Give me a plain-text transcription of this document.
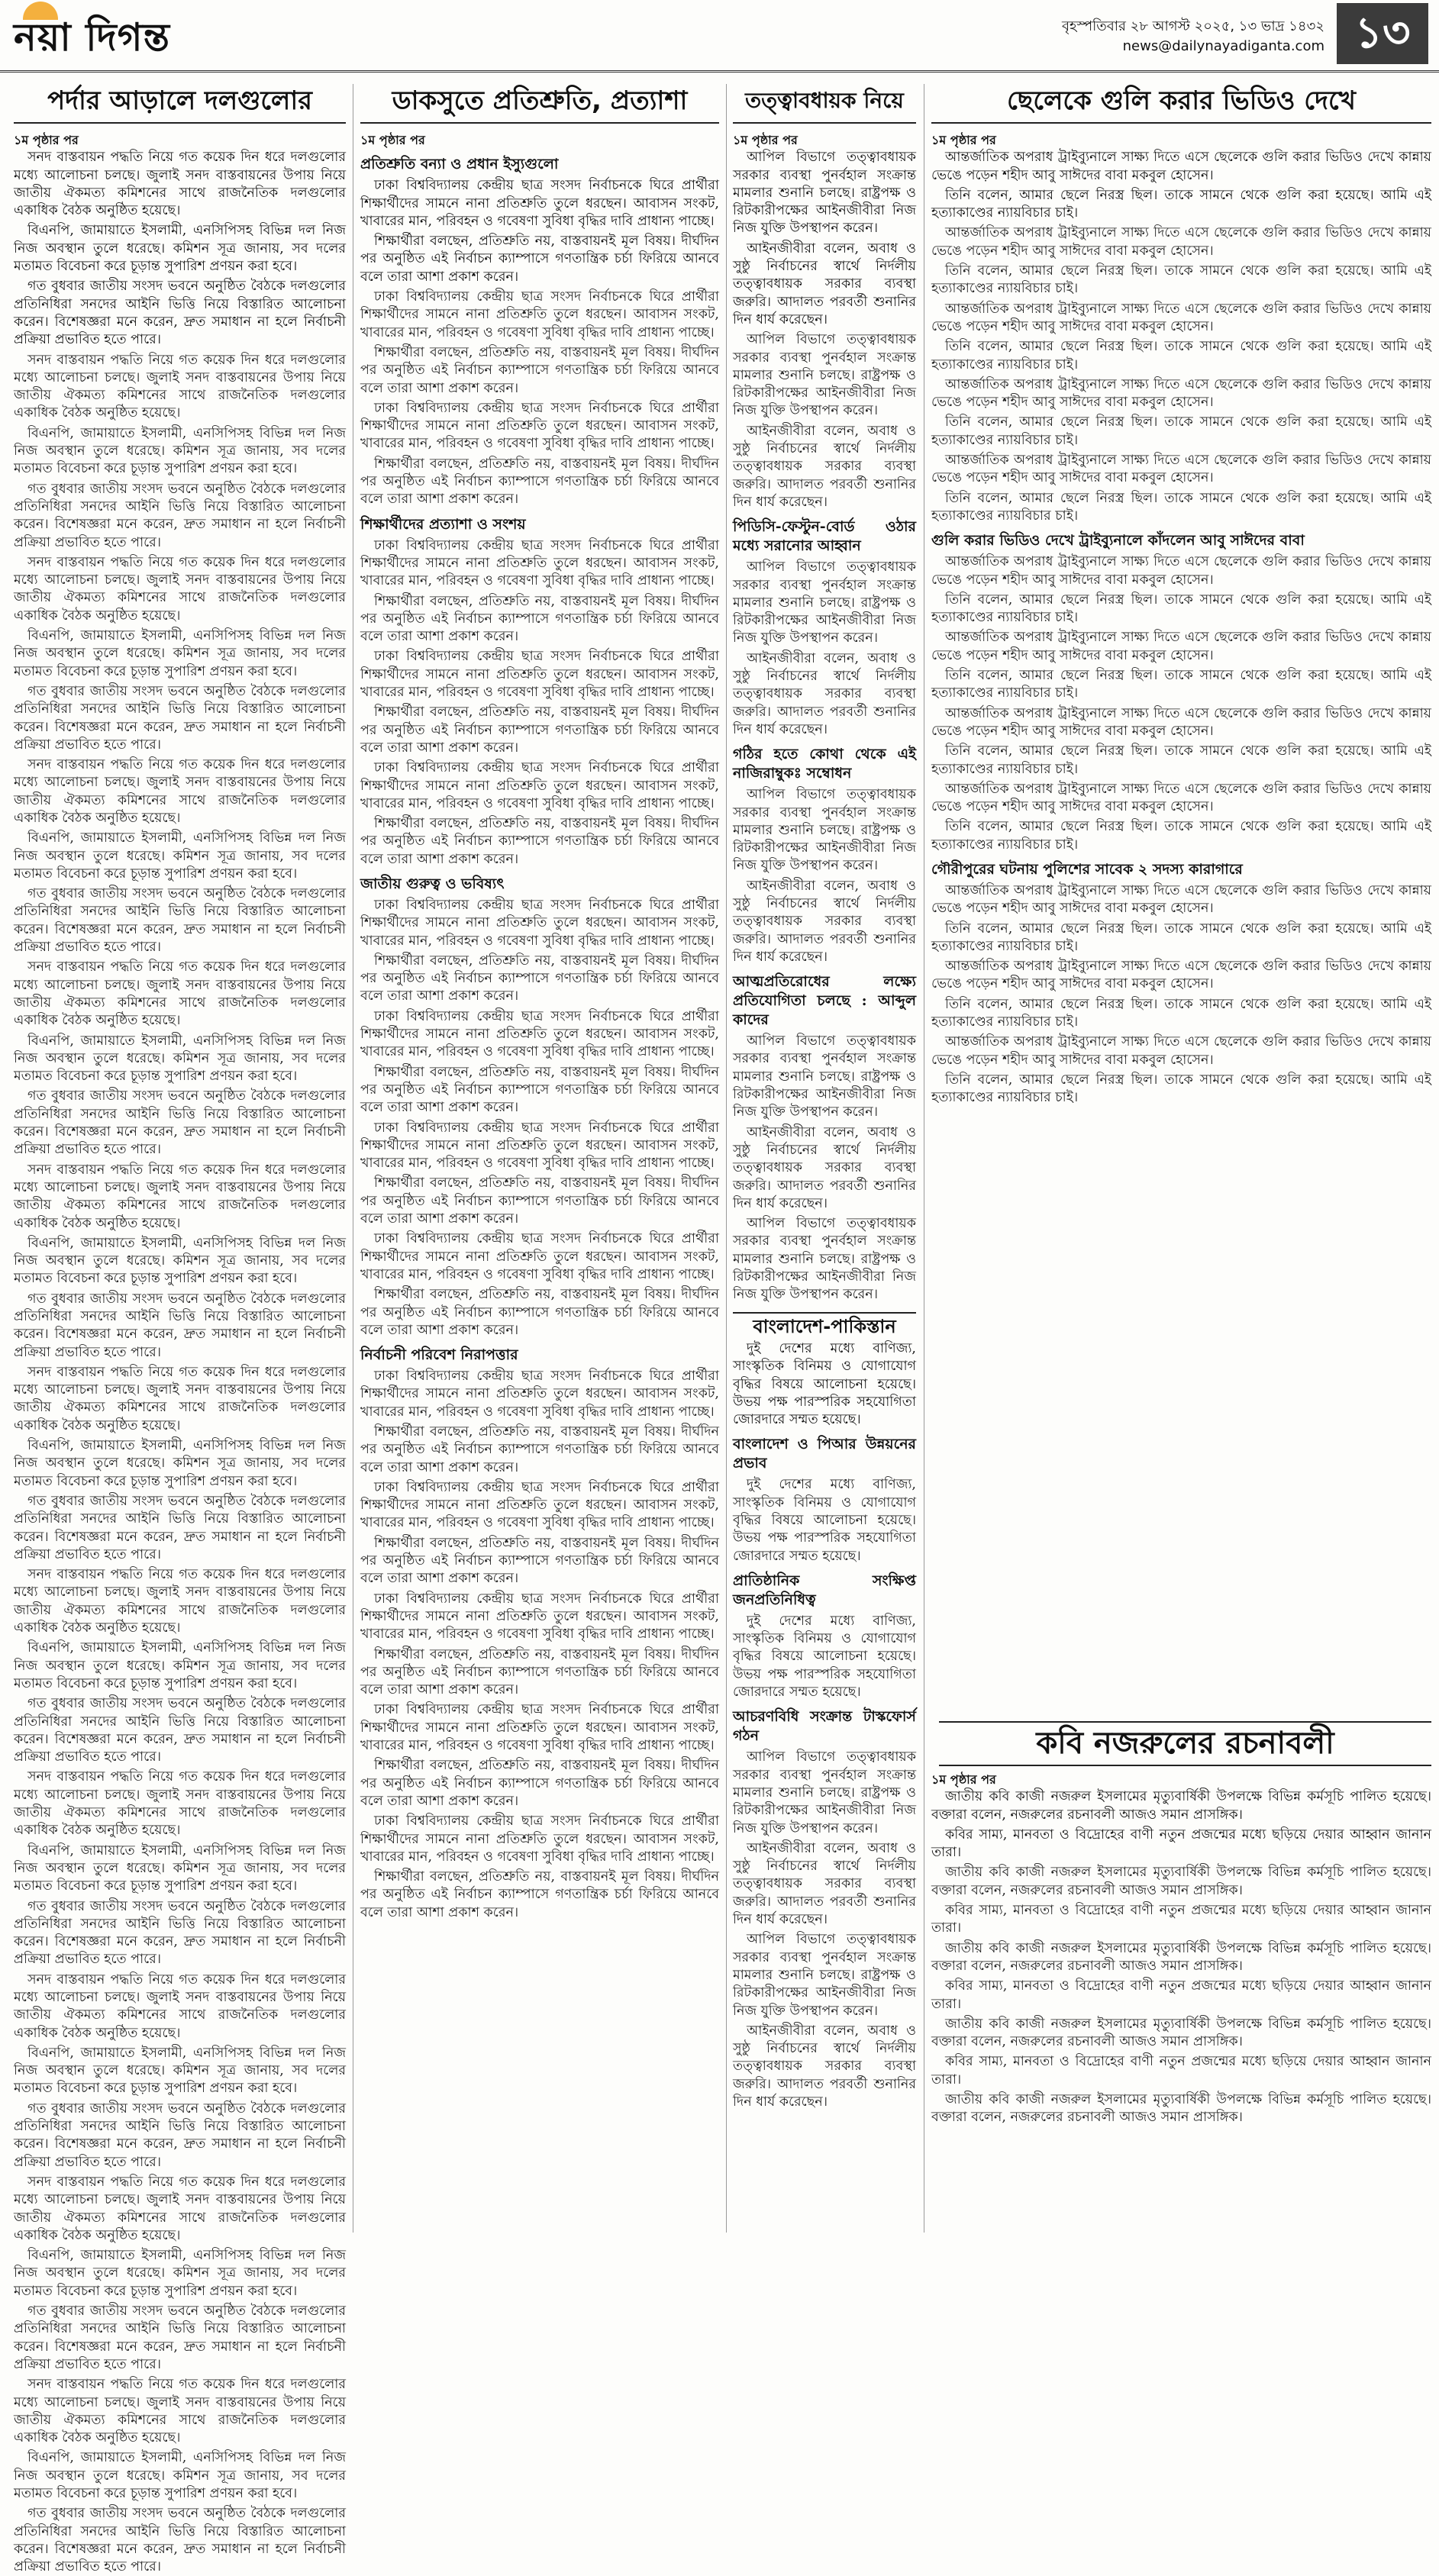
নয়া দিগন্ত	বৃহস্পতিবার ২৮ আগস্ট ২০২৫, ১৩ ভাদ্র ১৪৩২
news@dailynayadiganta.com ১৩
পর্দার আড়ালে দলগুলোর
১ম পৃষ্ঠার পর

সনদ বাস্তবায়ন পদ্ধতি নিয়ে গত কয়েক দিন ধরে দলগুলোর মধ্যে আলোচনা চলছে। জুলাই সনদ বাস্তবায়নের উপায় নিয়ে জাতীয় ঐকমত্য কমিশনের সাথে রাজনৈতিক দলগুলোর একাধিক বৈঠক অনুষ্ঠিত হয়েছে।

বিএনপি, জামায়াতে ইসলামী, এনসিপিসহ বিভিন্ন দল নিজ নিজ অবস্থান তুলে ধরেছে। কমিশন সূত্র জানায়, সব দলের মতামত বিবেচনা করে চূড়ান্ত সুপারিশ প্রণয়ন করা হবে।

গত বুধবার জাতীয় সংসদ ভবনে অনুষ্ঠিত বৈঠকে দলগুলোর প্রতিনিধিরা সনদের আইনি ভিত্তি নিয়ে বিস্তারিত আলোচনা করেন। বিশেষজ্ঞরা মনে করেন, দ্রুত সমাধান না হলে নির্বাচনী প্রক্রিয়া প্রভাবিত হতে পারে।

সনদ বাস্তবায়ন পদ্ধতি নিয়ে গত কয়েক দিন ধরে দলগুলোর মধ্যে আলোচনা চলছে। জুলাই সনদ বাস্তবায়নের উপায় নিয়ে জাতীয় ঐকমত্য কমিশনের সাথে রাজনৈতিক দলগুলোর একাধিক বৈঠক অনুষ্ঠিত হয়েছে।

বিএনপি, জামায়াতে ইসলামী, এনসিপিসহ বিভিন্ন দল নিজ নিজ অবস্থান তুলে ধরেছে। কমিশন সূত্র জানায়, সব দলের মতামত বিবেচনা করে চূড়ান্ত সুপারিশ প্রণয়ন করা হবে।

গত বুধবার জাতীয় সংসদ ভবনে অনুষ্ঠিত বৈঠকে দলগুলোর প্রতিনিধিরা সনদের আইনি ভিত্তি নিয়ে বিস্তারিত আলোচনা করেন। বিশেষজ্ঞরা মনে করেন, দ্রুত সমাধান না হলে নির্বাচনী প্রক্রিয়া প্রভাবিত হতে পারে।

সনদ বাস্তবায়ন পদ্ধতি নিয়ে গত কয়েক দিন ধরে দলগুলোর মধ্যে আলোচনা চলছে। জুলাই সনদ বাস্তবায়নের উপায় নিয়ে জাতীয় ঐকমত্য কমিশনের সাথে রাজনৈতিক দলগুলোর একাধিক বৈঠক অনুষ্ঠিত হয়েছে।

বিএনপি, জামায়াতে ইসলামী, এনসিপিসহ বিভিন্ন দল নিজ নিজ অবস্থান তুলে ধরেছে। কমিশন সূত্র জানায়, সব দলের মতামত বিবেচনা করে চূড়ান্ত সুপারিশ প্রণয়ন করা হবে।

গত বুধবার জাতীয় সংসদ ভবনে অনুষ্ঠিত বৈঠকে দলগুলোর প্রতিনিধিরা সনদের আইনি ভিত্তি নিয়ে বিস্তারিত আলোচনা করেন। বিশেষজ্ঞরা মনে করেন, দ্রুত সমাধান না হলে নির্বাচনী প্রক্রিয়া প্রভাবিত হতে পারে।

সনদ বাস্তবায়ন পদ্ধতি নিয়ে গত কয়েক দিন ধরে দলগুলোর মধ্যে আলোচনা চলছে। জুলাই সনদ বাস্তবায়নের উপায় নিয়ে জাতীয় ঐকমত্য কমিশনের সাথে রাজনৈতিক দলগুলোর একাধিক বৈঠক অনুষ্ঠিত হয়েছে।

বিএনপি, জামায়াতে ইসলামী, এনসিপিসহ বিভিন্ন দল নিজ নিজ অবস্থান তুলে ধরেছে। কমিশন সূত্র জানায়, সব দলের মতামত বিবেচনা করে চূড়ান্ত সুপারিশ প্রণয়ন করা হবে।

গত বুধবার জাতীয় সংসদ ভবনে অনুষ্ঠিত বৈঠকে দলগুলোর প্রতিনিধিরা সনদের আইনি ভিত্তি নিয়ে বিস্তারিত আলোচনা করেন। বিশেষজ্ঞরা মনে করেন, দ্রুত সমাধান না হলে নির্বাচনী প্রক্রিয়া প্রভাবিত হতে পারে।

সনদ বাস্তবায়ন পদ্ধতি নিয়ে গত কয়েক দিন ধরে দলগুলোর মধ্যে আলোচনা চলছে। জুলাই সনদ বাস্তবায়নের উপায় নিয়ে জাতীয় ঐকমত্য কমিশনের সাথে রাজনৈতিক দলগুলোর একাধিক বৈঠক অনুষ্ঠিত হয়েছে।

বিএনপি, জামায়াতে ইসলামী, এনসিপিসহ বিভিন্ন দল নিজ নিজ অবস্থান তুলে ধরেছে। কমিশন সূত্র জানায়, সব দলের মতামত বিবেচনা করে চূড়ান্ত সুপারিশ প্রণয়ন করা হবে।

গত বুধবার জাতীয় সংসদ ভবনে অনুষ্ঠিত বৈঠকে দলগুলোর প্রতিনিধিরা সনদের আইনি ভিত্তি নিয়ে বিস্তারিত আলোচনা করেন। বিশেষজ্ঞরা মনে করেন, দ্রুত সমাধান না হলে নির্বাচনী প্রক্রিয়া প্রভাবিত হতে পারে।

সনদ বাস্তবায়ন পদ্ধতি নিয়ে গত কয়েক দিন ধরে দলগুলোর মধ্যে আলোচনা চলছে। জুলাই সনদ বাস্তবায়নের উপায় নিয়ে জাতীয় ঐকমত্য কমিশনের সাথে রাজনৈতিক দলগুলোর একাধিক বৈঠক অনুষ্ঠিত হয়েছে।

বিএনপি, জামায়াতে ইসলামী, এনসিপিসহ বিভিন্ন দল নিজ নিজ অবস্থান তুলে ধরেছে। কমিশন সূত্র জানায়, সব দলের মতামত বিবেচনা করে চূড়ান্ত সুপারিশ প্রণয়ন করা হবে।

গত বুধবার জাতীয় সংসদ ভবনে অনুষ্ঠিত বৈঠকে দলগুলোর প্রতিনিধিরা সনদের আইনি ভিত্তি নিয়ে বিস্তারিত আলোচনা করেন। বিশেষজ্ঞরা মনে করেন, দ্রুত সমাধান না হলে নির্বাচনী প্রক্রিয়া প্রভাবিত হতে পারে।

সনদ বাস্তবায়ন পদ্ধতি নিয়ে গত কয়েক দিন ধরে দলগুলোর মধ্যে আলোচনা চলছে। জুলাই সনদ বাস্তবায়নের উপায় নিয়ে জাতীয় ঐকমত্য কমিশনের সাথে রাজনৈতিক দলগুলোর একাধিক বৈঠক অনুষ্ঠিত হয়েছে।

বিএনপি, জামায়াতে ইসলামী, এনসিপিসহ বিভিন্ন দল নিজ নিজ অবস্থান তুলে ধরেছে। কমিশন সূত্র জানায়, সব দলের মতামত বিবেচনা করে চূড়ান্ত সুপারিশ প্রণয়ন করা হবে।

গত বুধবার জাতীয় সংসদ ভবনে অনুষ্ঠিত বৈঠকে দলগুলোর প্রতিনিধিরা সনদের আইনি ভিত্তি নিয়ে বিস্তারিত আলোচনা করেন। বিশেষজ্ঞরা মনে করেন, দ্রুত সমাধান না হলে নির্বাচনী প্রক্রিয়া প্রভাবিত হতে পারে।

সনদ বাস্তবায়ন পদ্ধতি নিয়ে গত কয়েক দিন ধরে দলগুলোর মধ্যে আলোচনা চলছে। জুলাই সনদ বাস্তবায়নের উপায় নিয়ে জাতীয় ঐকমত্য কমিশনের সাথে রাজনৈতিক দলগুলোর একাধিক বৈঠক অনুষ্ঠিত হয়েছে।

বিএনপি, জামায়াতে ইসলামী, এনসিপিসহ বিভিন্ন দল নিজ নিজ অবস্থান তুলে ধরেছে। কমিশন সূত্র জানায়, সব দলের মতামত বিবেচনা করে চূড়ান্ত সুপারিশ প্রণয়ন করা হবে।

গত বুধবার জাতীয় সংসদ ভবনে অনুষ্ঠিত বৈঠকে দলগুলোর প্রতিনিধিরা সনদের আইনি ভিত্তি নিয়ে বিস্তারিত আলোচনা করেন। বিশেষজ্ঞরা মনে করেন, দ্রুত সমাধান না হলে নির্বাচনী প্রক্রিয়া প্রভাবিত হতে পারে।

সনদ বাস্তবায়ন পদ্ধতি নিয়ে গত কয়েক দিন ধরে দলগুলোর মধ্যে আলোচনা চলছে। জুলাই সনদ বাস্তবায়নের উপায় নিয়ে জাতীয় ঐকমত্য কমিশনের সাথে রাজনৈতিক দলগুলোর একাধিক বৈঠক অনুষ্ঠিত হয়েছে।

বিএনপি, জামায়াতে ইসলামী, এনসিপিসহ বিভিন্ন দল নিজ নিজ অবস্থান তুলে ধরেছে। কমিশন সূত্র জানায়, সব দলের মতামত বিবেচনা করে চূড়ান্ত সুপারিশ প্রণয়ন করা হবে।

গত বুধবার জাতীয় সংসদ ভবনে অনুষ্ঠিত বৈঠকে দলগুলোর প্রতিনিধিরা সনদের আইনি ভিত্তি নিয়ে বিস্তারিত আলোচনা করেন। বিশেষজ্ঞরা মনে করেন, দ্রুত সমাধান না হলে নির্বাচনী প্রক্রিয়া প্রভাবিত হতে পারে।

সনদ বাস্তবায়ন পদ্ধতি নিয়ে গত কয়েক দিন ধরে দলগুলোর মধ্যে আলোচনা চলছে। জুলাই সনদ বাস্তবায়নের উপায় নিয়ে জাতীয় ঐকমত্য কমিশনের সাথে রাজনৈতিক দলগুলোর একাধিক বৈঠক অনুষ্ঠিত হয়েছে।

বিএনপি, জামায়াতে ইসলামী, এনসিপিসহ বিভিন্ন দল নিজ নিজ অবস্থান তুলে ধরেছে। কমিশন সূত্র জানায়, সব দলের মতামত বিবেচনা করে চূড়ান্ত সুপারিশ প্রণয়ন করা হবে।

গত বুধবার জাতীয় সংসদ ভবনে অনুষ্ঠিত বৈঠকে দলগুলোর প্রতিনিধিরা সনদের আইনি ভিত্তি নিয়ে বিস্তারিত আলোচনা করেন। বিশেষজ্ঞরা মনে করেন, দ্রুত সমাধান না হলে নির্বাচনী প্রক্রিয়া প্রভাবিত হতে পারে।

সনদ বাস্তবায়ন পদ্ধতি নিয়ে গত কয়েক দিন ধরে দলগুলোর মধ্যে আলোচনা চলছে। জুলাই সনদ বাস্তবায়নের উপায় নিয়ে জাতীয় ঐকমত্য কমিশনের সাথে রাজনৈতিক দলগুলোর একাধিক বৈঠক অনুষ্ঠিত হয়েছে।

বিএনপি, জামায়াতে ইসলামী, এনসিপিসহ বিভিন্ন দল নিজ নিজ অবস্থান তুলে ধরেছে। কমিশন সূত্র জানায়, সব দলের মতামত বিবেচনা করে চূড়ান্ত সুপারিশ প্রণয়ন করা হবে।

গত বুধবার জাতীয় সংসদ ভবনে অনুষ্ঠিত বৈঠকে দলগুলোর প্রতিনিধিরা সনদের আইনি ভিত্তি নিয়ে বিস্তারিত আলোচনা করেন। বিশেষজ্ঞরা মনে করেন, দ্রুত সমাধান না হলে নির্বাচনী প্রক্রিয়া প্রভাবিত হতে পারে।

সনদ বাস্তবায়ন পদ্ধতি নিয়ে গত কয়েক দিন ধরে দলগুলোর মধ্যে আলোচনা চলছে। জুলাই সনদ বাস্তবায়নের উপায় নিয়ে জাতীয় ঐকমত্য কমিশনের সাথে রাজনৈতিক দলগুলোর একাধিক বৈঠক অনুষ্ঠিত হয়েছে।

বিএনপি, জামায়াতে ইসলামী, এনসিপিসহ বিভিন্ন দল নিজ নিজ অবস্থান তুলে ধরেছে। কমিশন সূত্র জানায়, সব দলের মতামত বিবেচনা করে চূড়ান্ত সুপারিশ প্রণয়ন করা হবে।

গত বুধবার জাতীয় সংসদ ভবনে অনুষ্ঠিত বৈঠকে দলগুলোর প্রতিনিধিরা সনদের আইনি ভিত্তি নিয়ে বিস্তারিত আলোচনা করেন। বিশেষজ্ঞরা মনে করেন, দ্রুত সমাধান না হলে নির্বাচনী প্রক্রিয়া প্রভাবিত হতে পারে।

ডাকসুতে প্রতিশ্রুতি, প্রত্যাশা
১ম পৃষ্ঠার পর
প্রতিশ্রুতি বন্যা ও প্রধান ইস্যুগুলো

ঢাকা বিশ্ববিদ্যালয় কেন্দ্রীয় ছাত্র সংসদ নির্বাচনকে ঘিরে প্রার্থীরা শিক্ষার্থীদের সামনে নানা প্রতিশ্রুতি তুলে ধরছেন। আবাসন সংকট, খাবারের মান, পরিবহন ও গবেষণা সুবিধা বৃদ্ধির দাবি প্রাধান্য পাচ্ছে।

শিক্ষার্থীরা বলছেন, প্রতিশ্রুতি নয়, বাস্তবায়নই মূল বিষয়। দীর্ঘদিন পর অনুষ্ঠিত এই নির্বাচন ক্যাম্পাসে গণতান্ত্রিক চর্চা ফিরিয়ে আনবে বলে তারা আশা প্রকাশ করেন।

ঢাকা বিশ্ববিদ্যালয় কেন্দ্রীয় ছাত্র সংসদ নির্বাচনকে ঘিরে প্রার্থীরা শিক্ষার্থীদের সামনে নানা প্রতিশ্রুতি তুলে ধরছেন। আবাসন সংকট, খাবারের মান, পরিবহন ও গবেষণা সুবিধা বৃদ্ধির দাবি প্রাধান্য পাচ্ছে।

শিক্ষার্থীরা বলছেন, প্রতিশ্রুতি নয়, বাস্তবায়নই মূল বিষয়। দীর্ঘদিন পর অনুষ্ঠিত এই নির্বাচন ক্যাম্পাসে গণতান্ত্রিক চর্চা ফিরিয়ে আনবে বলে তারা আশা প্রকাশ করেন।

ঢাকা বিশ্ববিদ্যালয় কেন্দ্রীয় ছাত্র সংসদ নির্বাচনকে ঘিরে প্রার্থীরা শিক্ষার্থীদের সামনে নানা প্রতিশ্রুতি তুলে ধরছেন। আবাসন সংকট, খাবারের মান, পরিবহন ও গবেষণা সুবিধা বৃদ্ধির দাবি প্রাধান্য পাচ্ছে।

শিক্ষার্থীরা বলছেন, প্রতিশ্রুতি নয়, বাস্তবায়নই মূল বিষয়। দীর্ঘদিন পর অনুষ্ঠিত এই নির্বাচন ক্যাম্পাসে গণতান্ত্রিক চর্চা ফিরিয়ে আনবে বলে তারা আশা প্রকাশ করেন।

শিক্ষার্থীদের প্রত্যাশা ও সংশয়

ঢাকা বিশ্ববিদ্যালয় কেন্দ্রীয় ছাত্র সংসদ নির্বাচনকে ঘিরে প্রার্থীরা শিক্ষার্থীদের সামনে নানা প্রতিশ্রুতি তুলে ধরছেন। আবাসন সংকট, খাবারের মান, পরিবহন ও গবেষণা সুবিধা বৃদ্ধির দাবি প্রাধান্য পাচ্ছে।

শিক্ষার্থীরা বলছেন, প্রতিশ্রুতি নয়, বাস্তবায়নই মূল বিষয়। দীর্ঘদিন পর অনুষ্ঠিত এই নির্বাচন ক্যাম্পাসে গণতান্ত্রিক চর্চা ফিরিয়ে আনবে বলে তারা আশা প্রকাশ করেন।

ঢাকা বিশ্ববিদ্যালয় কেন্দ্রীয় ছাত্র সংসদ নির্বাচনকে ঘিরে প্রার্থীরা শিক্ষার্থীদের সামনে নানা প্রতিশ্রুতি তুলে ধরছেন। আবাসন সংকট, খাবারের মান, পরিবহন ও গবেষণা সুবিধা বৃদ্ধির দাবি প্রাধান্য পাচ্ছে।

শিক্ষার্থীরা বলছেন, প্রতিশ্রুতি নয়, বাস্তবায়নই মূল বিষয়। দীর্ঘদিন পর অনুষ্ঠিত এই নির্বাচন ক্যাম্পাসে গণতান্ত্রিক চর্চা ফিরিয়ে আনবে বলে তারা আশা প্রকাশ করেন।

ঢাকা বিশ্ববিদ্যালয় কেন্দ্রীয় ছাত্র সংসদ নির্বাচনকে ঘিরে প্রার্থীরা শিক্ষার্থীদের সামনে নানা প্রতিশ্রুতি তুলে ধরছেন। আবাসন সংকট, খাবারের মান, পরিবহন ও গবেষণা সুবিধা বৃদ্ধির দাবি প্রাধান্য পাচ্ছে।

শিক্ষার্থীরা বলছেন, প্রতিশ্রুতি নয়, বাস্তবায়নই মূল বিষয়। দীর্ঘদিন পর অনুষ্ঠিত এই নির্বাচন ক্যাম্পাসে গণতান্ত্রিক চর্চা ফিরিয়ে আনবে বলে তারা আশা প্রকাশ করেন।

জাতীয় গুরুত্ব ও ভবিষ্যৎ

ঢাকা বিশ্ববিদ্যালয় কেন্দ্রীয় ছাত্র সংসদ নির্বাচনকে ঘিরে প্রার্থীরা শিক্ষার্থীদের সামনে নানা প্রতিশ্রুতি তুলে ধরছেন। আবাসন সংকট, খাবারের মান, পরিবহন ও গবেষণা সুবিধা বৃদ্ধির দাবি প্রাধান্য পাচ্ছে।

শিক্ষার্থীরা বলছেন, প্রতিশ্রুতি নয়, বাস্তবায়নই মূল বিষয়। দীর্ঘদিন পর অনুষ্ঠিত এই নির্বাচন ক্যাম্পাসে গণতান্ত্রিক চর্চা ফিরিয়ে আনবে বলে তারা আশা প্রকাশ করেন।

ঢাকা বিশ্ববিদ্যালয় কেন্দ্রীয় ছাত্র সংসদ নির্বাচনকে ঘিরে প্রার্থীরা শিক্ষার্থীদের সামনে নানা প্রতিশ্রুতি তুলে ধরছেন। আবাসন সংকট, খাবারের মান, পরিবহন ও গবেষণা সুবিধা বৃদ্ধির দাবি প্রাধান্য পাচ্ছে।

শিক্ষার্থীরা বলছেন, প্রতিশ্রুতি নয়, বাস্তবায়নই মূল বিষয়। দীর্ঘদিন পর অনুষ্ঠিত এই নির্বাচন ক্যাম্পাসে গণতান্ত্রিক চর্চা ফিরিয়ে আনবে বলে তারা আশা প্রকাশ করেন।

ঢাকা বিশ্ববিদ্যালয় কেন্দ্রীয় ছাত্র সংসদ নির্বাচনকে ঘিরে প্রার্থীরা শিক্ষার্থীদের সামনে নানা প্রতিশ্রুতি তুলে ধরছেন। আবাসন সংকট, খাবারের মান, পরিবহন ও গবেষণা সুবিধা বৃদ্ধির দাবি প্রাধান্য পাচ্ছে।

শিক্ষার্থীরা বলছেন, প্রতিশ্রুতি নয়, বাস্তবায়নই মূল বিষয়। দীর্ঘদিন পর অনুষ্ঠিত এই নির্বাচন ক্যাম্পাসে গণতান্ত্রিক চর্চা ফিরিয়ে আনবে বলে তারা আশা প্রকাশ করেন।

ঢাকা বিশ্ববিদ্যালয় কেন্দ্রীয় ছাত্র সংসদ নির্বাচনকে ঘিরে প্রার্থীরা শিক্ষার্থীদের সামনে নানা প্রতিশ্রুতি তুলে ধরছেন। আবাসন সংকট, খাবারের মান, পরিবহন ও গবেষণা সুবিধা বৃদ্ধির দাবি প্রাধান্য পাচ্ছে।

শিক্ষার্থীরা বলছেন, প্রতিশ্রুতি নয়, বাস্তবায়নই মূল বিষয়। দীর্ঘদিন পর অনুষ্ঠিত এই নির্বাচন ক্যাম্পাসে গণতান্ত্রিক চর্চা ফিরিয়ে আনবে বলে তারা আশা প্রকাশ করেন।

নির্বাচনী পরিবেশ নিরাপত্তার

ঢাকা বিশ্ববিদ্যালয় কেন্দ্রীয় ছাত্র সংসদ নির্বাচনকে ঘিরে প্রার্থীরা শিক্ষার্থীদের সামনে নানা প্রতিশ্রুতি তুলে ধরছেন। আবাসন সংকট, খাবারের মান, পরিবহন ও গবেষণা সুবিধা বৃদ্ধির দাবি প্রাধান্য পাচ্ছে।

শিক্ষার্থীরা বলছেন, প্রতিশ্রুতি নয়, বাস্তবায়নই মূল বিষয়। দীর্ঘদিন পর অনুষ্ঠিত এই নির্বাচন ক্যাম্পাসে গণতান্ত্রিক চর্চা ফিরিয়ে আনবে বলে তারা আশা প্রকাশ করেন।

ঢাকা বিশ্ববিদ্যালয় কেন্দ্রীয় ছাত্র সংসদ নির্বাচনকে ঘিরে প্রার্থীরা শিক্ষার্থীদের সামনে নানা প্রতিশ্রুতি তুলে ধরছেন। আবাসন সংকট, খাবারের মান, পরিবহন ও গবেষণা সুবিধা বৃদ্ধির দাবি প্রাধান্য পাচ্ছে।

শিক্ষার্থীরা বলছেন, প্রতিশ্রুতি নয়, বাস্তবায়নই মূল বিষয়। দীর্ঘদিন পর অনুষ্ঠিত এই নির্বাচন ক্যাম্পাসে গণতান্ত্রিক চর্চা ফিরিয়ে আনবে বলে তারা আশা প্রকাশ করেন।

ঢাকা বিশ্ববিদ্যালয় কেন্দ্রীয় ছাত্র সংসদ নির্বাচনকে ঘিরে প্রার্থীরা শিক্ষার্থীদের সামনে নানা প্রতিশ্রুতি তুলে ধরছেন। আবাসন সংকট, খাবারের মান, পরিবহন ও গবেষণা সুবিধা বৃদ্ধির দাবি প্রাধান্য পাচ্ছে।

শিক্ষার্থীরা বলছেন, প্রতিশ্রুতি নয়, বাস্তবায়নই মূল বিষয়। দীর্ঘদিন পর অনুষ্ঠিত এই নির্বাচন ক্যাম্পাসে গণতান্ত্রিক চর্চা ফিরিয়ে আনবে বলে তারা আশা প্রকাশ করেন।

ঢাকা বিশ্ববিদ্যালয় কেন্দ্রীয় ছাত্র সংসদ নির্বাচনকে ঘিরে প্রার্থীরা শিক্ষার্থীদের সামনে নানা প্রতিশ্রুতি তুলে ধরছেন। আবাসন সংকট, খাবারের মান, পরিবহন ও গবেষণা সুবিধা বৃদ্ধির দাবি প্রাধান্য পাচ্ছে।

শিক্ষার্থীরা বলছেন, প্রতিশ্রুতি নয়, বাস্তবায়নই মূল বিষয়। দীর্ঘদিন পর অনুষ্ঠিত এই নির্বাচন ক্যাম্পাসে গণতান্ত্রিক চর্চা ফিরিয়ে আনবে বলে তারা আশা প্রকাশ করেন।

ঢাকা বিশ্ববিদ্যালয় কেন্দ্রীয় ছাত্র সংসদ নির্বাচনকে ঘিরে প্রার্থীরা শিক্ষার্থীদের সামনে নানা প্রতিশ্রুতি তুলে ধরছেন। আবাসন সংকট, খাবারের মান, পরিবহন ও গবেষণা সুবিধা বৃদ্ধির দাবি প্রাধান্য পাচ্ছে।

শিক্ষার্থীরা বলছেন, প্রতিশ্রুতি নয়, বাস্তবায়নই মূল বিষয়। দীর্ঘদিন পর অনুষ্ঠিত এই নির্বাচন ক্যাম্পাসে গণতান্ত্রিক চর্চা ফিরিয়ে আনবে বলে তারা আশা প্রকাশ করেন।

তত্ত্বাবধায়ক নিয়ে
১ম পৃষ্ঠার পর

আপিল বিভাগে তত্ত্বাবধায়ক সরকার ব্যবস্থা পুনর্বহাল সংক্রান্ত মামলার শুনানি চলছে। রাষ্ট্রপক্ষ ও রিটকারীপক্ষের আইনজীবীরা নিজ নিজ যুক্তি উপস্থাপন করেন।

আইনজীবীরা বলেন, অবাধ ও সুষ্ঠু নির্বাচনের স্বার্থে নির্দলীয় তত্ত্বাবধায়ক সরকার ব্যবস্থা জরুরি। আদালত পরবর্তী শুনানির দিন ধার্য করেছেন।

আপিল বিভাগে তত্ত্বাবধায়ক সরকার ব্যবস্থা পুনর্বহাল সংক্রান্ত মামলার শুনানি চলছে। রাষ্ট্রপক্ষ ও রিটকারীপক্ষের আইনজীবীরা নিজ নিজ যুক্তি উপস্থাপন করেন।

আইনজীবীরা বলেন, অবাধ ও সুষ্ঠু নির্বাচনের স্বার্থে নির্দলীয় তত্ত্বাবধায়ক সরকার ব্যবস্থা জরুরি। আদালত পরবর্তী শুনানির দিন ধার্য করেছেন।

পিডিসি-ফেস্টুন-বোর্ড ওঠার মধ্যে সরানোর আহ্বান

আপিল বিভাগে তত্ত্বাবধায়ক সরকার ব্যবস্থা পুনর্বহাল সংক্রান্ত মামলার শুনানি চলছে। রাষ্ট্রপক্ষ ও রিটকারীপক্ষের আইনজীবীরা নিজ নিজ যুক্তি উপস্থাপন করেন।

আইনজীবীরা বলেন, অবাধ ও সুষ্ঠু নির্বাচনের স্বার্থে নির্দলীয় তত্ত্বাবধায়ক সরকার ব্যবস্থা জরুরি। আদালত পরবর্তী শুনানির দিন ধার্য করেছেন।

গঠির হতে কোথা থেকে এই নাজিরাম্বুকঃ সম্বোধন

আপিল বিভাগে তত্ত্বাবধায়ক সরকার ব্যবস্থা পুনর্বহাল সংক্রান্ত মামলার শুনানি চলছে। রাষ্ট্রপক্ষ ও রিটকারীপক্ষের আইনজীবীরা নিজ নিজ যুক্তি উপস্থাপন করেন।

আইনজীবীরা বলেন, অবাধ ও সুষ্ঠু নির্বাচনের স্বার্থে নির্দলীয় তত্ত্বাবধায়ক সরকার ব্যবস্থা জরুরি। আদালত পরবর্তী শুনানির দিন ধার্য করেছেন।

আত্মপ্রতিরোধের লক্ষ্যে প্রতিযোগিতা চলছে : আব্দুল কাদের

আপিল বিভাগে তত্ত্বাবধায়ক সরকার ব্যবস্থা পুনর্বহাল সংক্রান্ত মামলার শুনানি চলছে। রাষ্ট্রপক্ষ ও রিটকারীপক্ষের আইনজীবীরা নিজ নিজ যুক্তি উপস্থাপন করেন।

আইনজীবীরা বলেন, অবাধ ও সুষ্ঠু নির্বাচনের স্বার্থে নির্দলীয় তত্ত্বাবধায়ক সরকার ব্যবস্থা জরুরি। আদালত পরবর্তী শুনানির দিন ধার্য করেছেন।

আপিল বিভাগে তত্ত্বাবধায়ক সরকার ব্যবস্থা পুনর্বহাল সংক্রান্ত মামলার শুনানি চলছে। রাষ্ট্রপক্ষ ও রিটকারীপক্ষের আইনজীবীরা নিজ নিজ যুক্তি উপস্থাপন করেন।

বাংলাদেশ-পাকিস্তান

দুই দেশের মধ্যে বাণিজ্য, সাংস্কৃতিক বিনিময় ও যোগাযোগ বৃদ্ধির বিষয়ে আলোচনা হয়েছে। উভয় পক্ষ পারস্পরিক সহযোগিতা জোরদারে সম্মত হয়েছে।

বাংলাদেশ ও পিআর উন্নয়নের প্রভাব

দুই দেশের মধ্যে বাণিজ্য, সাংস্কৃতিক বিনিময় ও যোগাযোগ বৃদ্ধির বিষয়ে আলোচনা হয়েছে। উভয় পক্ষ পারস্পরিক সহযোগিতা জোরদারে সম্মত হয়েছে।

প্রাতিষ্ঠানিক সংক্ষিপ্ত জনপ্রতিনিধিত্ব

দুই দেশের মধ্যে বাণিজ্য, সাংস্কৃতিক বিনিময় ও যোগাযোগ বৃদ্ধির বিষয়ে আলোচনা হয়েছে। উভয় পক্ষ পারস্পরিক সহযোগিতা জোরদারে সম্মত হয়েছে।

আচরণবিধি সংক্রান্ত টাস্কফোর্স গঠন

আপিল বিভাগে তত্ত্বাবধায়ক সরকার ব্যবস্থা পুনর্বহাল সংক্রান্ত মামলার শুনানি চলছে। রাষ্ট্রপক্ষ ও রিটকারীপক্ষের আইনজীবীরা নিজ নিজ যুক্তি উপস্থাপন করেন।

আইনজীবীরা বলেন, অবাধ ও সুষ্ঠু নির্বাচনের স্বার্থে নির্দলীয় তত্ত্বাবধায়ক সরকার ব্যবস্থা জরুরি। আদালত পরবর্তী শুনানির দিন ধার্য করেছেন।

আপিল বিভাগে তত্ত্বাবধায়ক সরকার ব্যবস্থা পুনর্বহাল সংক্রান্ত মামলার শুনানি চলছে। রাষ্ট্রপক্ষ ও রিটকারীপক্ষের আইনজীবীরা নিজ নিজ যুক্তি উপস্থাপন করেন।

আইনজীবীরা বলেন, অবাধ ও সুষ্ঠু নির্বাচনের স্বার্থে নির্দলীয় তত্ত্বাবধায়ক সরকার ব্যবস্থা জরুরি। আদালত পরবর্তী শুনানির দিন ধার্য করেছেন।

ছেলেকে গুলি করার ভিডিও দেখে
১ম পৃষ্ঠার পর

আন্তর্জাতিক অপরাধ ট্রাইব্যুনালে সাক্ষ্য দিতে এসে ছেলেকে গুলি করার ভিডিও দেখে কান্নায় ভেঙে পড়েন শহীদ আবু সাঈদের বাবা মকবুল হোসেন।

তিনি বলেন, আমার ছেলে নিরস্ত্র ছিল। তাকে সামনে থেকে গুলি করা হয়েছে। আমি এই হত্যাকাণ্ডের ন্যায়বিচার চাই।

আন্তর্জাতিক অপরাধ ট্রাইব্যুনালে সাক্ষ্য দিতে এসে ছেলেকে গুলি করার ভিডিও দেখে কান্নায় ভেঙে পড়েন শহীদ আবু সাঈদের বাবা মকবুল হোসেন।

তিনি বলেন, আমার ছেলে নিরস্ত্র ছিল। তাকে সামনে থেকে গুলি করা হয়েছে। আমি এই হত্যাকাণ্ডের ন্যায়বিচার চাই।

আন্তর্জাতিক অপরাধ ট্রাইব্যুনালে সাক্ষ্য দিতে এসে ছেলেকে গুলি করার ভিডিও দেখে কান্নায় ভেঙে পড়েন শহীদ আবু সাঈদের বাবা মকবুল হোসেন।

তিনি বলেন, আমার ছেলে নিরস্ত্র ছিল। তাকে সামনে থেকে গুলি করা হয়েছে। আমি এই হত্যাকাণ্ডের ন্যায়বিচার চাই।

আন্তর্জাতিক অপরাধ ট্রাইব্যুনালে সাক্ষ্য দিতে এসে ছেলেকে গুলি করার ভিডিও দেখে কান্নায় ভেঙে পড়েন শহীদ আবু সাঈদের বাবা মকবুল হোসেন।

তিনি বলেন, আমার ছেলে নিরস্ত্র ছিল। তাকে সামনে থেকে গুলি করা হয়েছে। আমি এই হত্যাকাণ্ডের ন্যায়বিচার চাই।

আন্তর্জাতিক অপরাধ ট্রাইব্যুনালে সাক্ষ্য দিতে এসে ছেলেকে গুলি করার ভিডিও দেখে কান্নায় ভেঙে পড়েন শহীদ আবু সাঈদের বাবা মকবুল হোসেন।

তিনি বলেন, আমার ছেলে নিরস্ত্র ছিল। তাকে সামনে থেকে গুলি করা হয়েছে। আমি এই হত্যাকাণ্ডের ন্যায়বিচার চাই।

গুলি করার ভিডিও দেখে ট্রাইব্যুনালে কাঁদলেন আবু সাঈদের বাবা

আন্তর্জাতিক অপরাধ ট্রাইব্যুনালে সাক্ষ্য দিতে এসে ছেলেকে গুলি করার ভিডিও দেখে কান্নায় ভেঙে পড়েন শহীদ আবু সাঈদের বাবা মকবুল হোসেন।

তিনি বলেন, আমার ছেলে নিরস্ত্র ছিল। তাকে সামনে থেকে গুলি করা হয়েছে। আমি এই হত্যাকাণ্ডের ন্যায়বিচার চাই।

আন্তর্জাতিক অপরাধ ট্রাইব্যুনালে সাক্ষ্য দিতে এসে ছেলেকে গুলি করার ভিডিও দেখে কান্নায় ভেঙে পড়েন শহীদ আবু সাঈদের বাবা মকবুল হোসেন।

তিনি বলেন, আমার ছেলে নিরস্ত্র ছিল। তাকে সামনে থেকে গুলি করা হয়েছে। আমি এই হত্যাকাণ্ডের ন্যায়বিচার চাই।

আন্তর্জাতিক অপরাধ ট্রাইব্যুনালে সাক্ষ্য দিতে এসে ছেলেকে গুলি করার ভিডিও দেখে কান্নায় ভেঙে পড়েন শহীদ আবু সাঈদের বাবা মকবুল হোসেন।

তিনি বলেন, আমার ছেলে নিরস্ত্র ছিল। তাকে সামনে থেকে গুলি করা হয়েছে। আমি এই হত্যাকাণ্ডের ন্যায়বিচার চাই।

আন্তর্জাতিক অপরাধ ট্রাইব্যুনালে সাক্ষ্য দিতে এসে ছেলেকে গুলি করার ভিডিও দেখে কান্নায় ভেঙে পড়েন শহীদ আবু সাঈদের বাবা মকবুল হোসেন।

তিনি বলেন, আমার ছেলে নিরস্ত্র ছিল। তাকে সামনে থেকে গুলি করা হয়েছে। আমি এই হত্যাকাণ্ডের ন্যায়বিচার চাই।

গৌরীপুরের ঘটনায় পুলিশের সাবেক ২ সদস্য কারাগারে

আন্তর্জাতিক অপরাধ ট্রাইব্যুনালে সাক্ষ্য দিতে এসে ছেলেকে গুলি করার ভিডিও দেখে কান্নায় ভেঙে পড়েন শহীদ আবু সাঈদের বাবা মকবুল হোসেন।

তিনি বলেন, আমার ছেলে নিরস্ত্র ছিল। তাকে সামনে থেকে গুলি করা হয়েছে। আমি এই হত্যাকাণ্ডের ন্যায়বিচার চাই।

আন্তর্জাতিক অপরাধ ট্রাইব্যুনালে সাক্ষ্য দিতে এসে ছেলেকে গুলি করার ভিডিও দেখে কান্নায় ভেঙে পড়েন শহীদ আবু সাঈদের বাবা মকবুল হোসেন।

তিনি বলেন, আমার ছেলে নিরস্ত্র ছিল। তাকে সামনে থেকে গুলি করা হয়েছে। আমি এই হত্যাকাণ্ডের ন্যায়বিচার চাই।

আন্তর্জাতিক অপরাধ ট্রাইব্যুনালে সাক্ষ্য দিতে এসে ছেলেকে গুলি করার ভিডিও দেখে কান্নায় ভেঙে পড়েন শহীদ আবু সাঈদের বাবা মকবুল হোসেন।

তিনি বলেন, আমার ছেলে নিরস্ত্র ছিল। তাকে সামনে থেকে গুলি করা হয়েছে। আমি এই হত্যাকাণ্ডের ন্যায়বিচার চাই।

কবি নজরুলের রচনাবলী
১ম পৃষ্ঠার পর

জাতীয় কবি কাজী নজরুল ইসলামের মৃত্যুবার্ষিকী উপলক্ষে বিভিন্ন কর্মসূচি পালিত হয়েছে। বক্তারা বলেন, নজরুলের রচনাবলী আজও সমান প্রাসঙ্গিক।

কবির সাম্য, মানবতা ও বিদ্রোহের বাণী নতুন প্রজন্মের মধ্যে ছড়িয়ে দেয়ার আহ্বান জানান তারা।

জাতীয় কবি কাজী নজরুল ইসলামের মৃত্যুবার্ষিকী উপলক্ষে বিভিন্ন কর্মসূচি পালিত হয়েছে। বক্তারা বলেন, নজরুলের রচনাবলী আজও সমান প্রাসঙ্গিক।

কবির সাম্য, মানবতা ও বিদ্রোহের বাণী নতুন প্রজন্মের মধ্যে ছড়িয়ে দেয়ার আহ্বান জানান তারা।

জাতীয় কবি কাজী নজরুল ইসলামের মৃত্যুবার্ষিকী উপলক্ষে বিভিন্ন কর্মসূচি পালিত হয়েছে। বক্তারা বলেন, নজরুলের রচনাবলী আজও সমান প্রাসঙ্গিক।

কবির সাম্য, মানবতা ও বিদ্রোহের বাণী নতুন প্রজন্মের মধ্যে ছড়িয়ে দেয়ার আহ্বান জানান তারা।

জাতীয় কবি কাজী নজরুল ইসলামের মৃত্যুবার্ষিকী উপলক্ষে বিভিন্ন কর্মসূচি পালিত হয়েছে। বক্তারা বলেন, নজরুলের রচনাবলী আজও সমান প্রাসঙ্গিক।

কবির সাম্য, মানবতা ও বিদ্রোহের বাণী নতুন প্রজন্মের মধ্যে ছড়িয়ে দেয়ার আহ্বান জানান তারা।

জাতীয় কবি কাজী নজরুল ইসলামের মৃত্যুবার্ষিকী উপলক্ষে বিভিন্ন কর্মসূচি পালিত হয়েছে। বক্তারা বলেন, নজরুলের রচনাবলী আজও সমান প্রাসঙ্গিক।
